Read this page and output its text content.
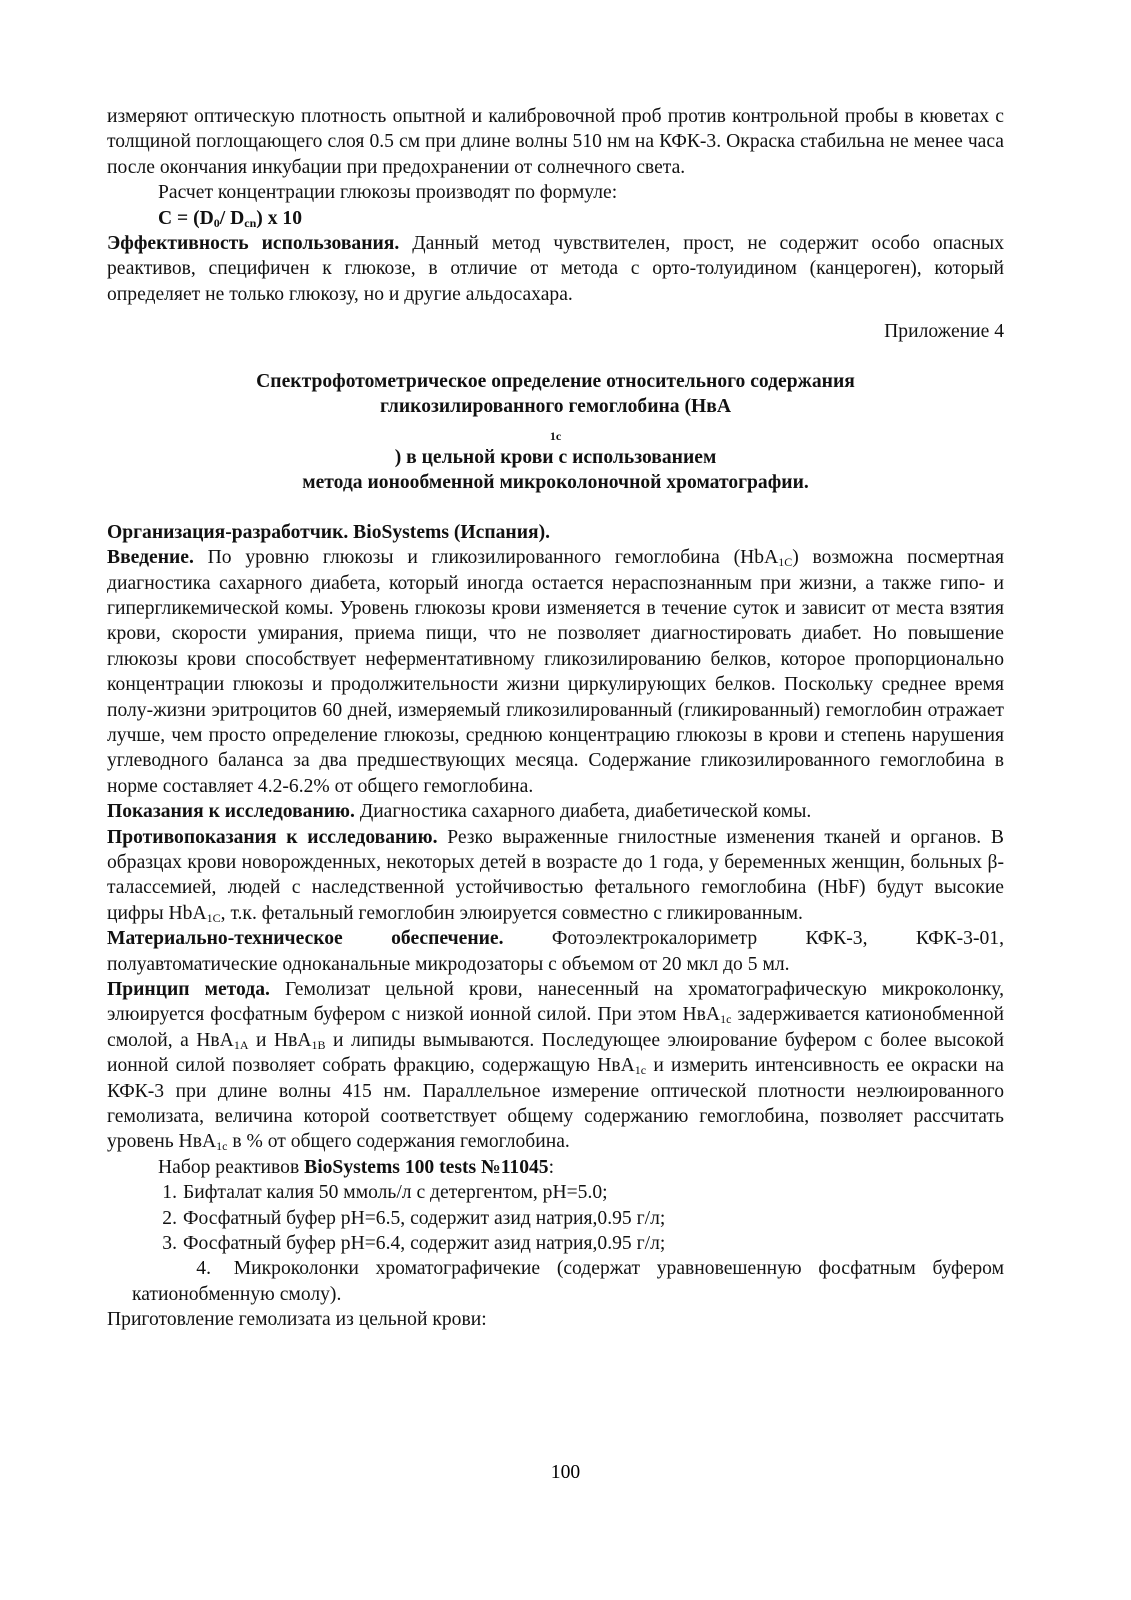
измеряют оптическую плотность опытной и калибровочной проб против контрольной пробы в кюветах с толщиной поглощающего слоя 0.5 см при длине волны 510 нм на КФК-3. Окраска стабильна не менее часа после окончания инкубации при предохранении от солнечного света.

Расчет концентрации глюкозы производят по формуле:

$C = (D_0/$ $D_{cn}$) x 10

Эффективность использования. Данный метод чувствителен, прост, не содержит особо опасных реактивов, специфичен к глюкозе, в отличие от метода с орто-толуидином (канцероген), который определяет не только глюкозу, но и другие альдосахара.

Приложение 4

Спектрофотометрическое определение относительного содержания
гликозилированного гемоглобина (НвА
$_{1c}$
) в цельной крови с использованием
метода ионообменной микроколоночной хроматографии.

Организация-разработчик. BioSystems (Испания).

Введение. По уровню глюкозы и гликозилированного гемоглобина (HbA$_{1C}$) возможна посмертная диагностика сахарного диабета, который иногда остается нераспознанным при жизни, а также гипо- и гипергликемической комы. Уровень глюкозы крови изменяется в течение суток и зависит от места взятия крови, скорости умирания, приема пищи, что не позволяет диагностировать диабет. Но повышение глюкозы крови способствует неферментативному гликозилированию белков, которое пропорционально концентрации глюкозы и продолжительности жизни циркулирующих белков. Поскольку среднее время полу-жизни эритроцитов 60 дней, измеряемый гликозилированный (гликированный) гемоглобин отражает лучше, чем просто определение глюкозы, среднюю концентрацию глюкозы в крови и степень нарушения углеводного баланса за два предшествующих месяца. Содержание гликозилированного гемоглобина в норме составляет 4.2-6.2% от общего гемоглобина.

Показания к исследованию. Диагностика сахарного диабета, диабетической комы.

Противопоказания к исследованию. Резко выраженные гнилостные изменения тканей и органов. В образцах крови новорожденных, некоторых детей в возрасте до 1 года, у беременных женщин, больных β-талассемией, людей с наследственной устойчивостью фетального гемоглобина (HbF) будут высокие цифры HbA$_{1C}$, т.к. фетальный гемоглобин элюируется совместно с гликированным.

Материально-техническое обеспечение. Фотоэлектрокалориметр КФК-3, КФК-3-01, полуавтоматические одноканальные микродозаторы с объемом от 20 мкл до 5 мл.

Принцип метода. Гемолизат цельной крови, нанесенный на хроматографическую микроколонку, элюируется фосфатным буфером с низкой ионной силой. При этом НвА$_{1c}$ задерживается катионобменной смолой, а НвА$_{1A}$ и НвА$_{1B}$ и липиды вымываются. Последующее элюирование буфером с более высокой ионной силой позволяет собрать фракцию, содержащую НвА$_{1c}$ и измерить интенсивность ее окраски на КФК-3 при длине волны 415 нм. Параллельное измерение оптической плотности неэлюированного гемолизата, величина которой соответствует общему содержанию гемоглобина, позволяет рассчитать уровень НвА$_{1c}$ в % от общего содержания гемоглобина.

Набор реактивов BioSystems 100 tests №11045:

1. Бифталат калия 50 ммоль/л с детергентом, pH=5.0;
2. Фосфатный буфер pH=6.5, содержит азид натрия,0.95 г/л;
3. Фосфатный буфер pH=6.4, содержит азид натрия,0.95 г/л;
4. Микроколонки хроматографичекие (содержат уравновешенную фосфатным буфером катионобменную смолу).

Приготовление гемолизата из цельной крови:

100
